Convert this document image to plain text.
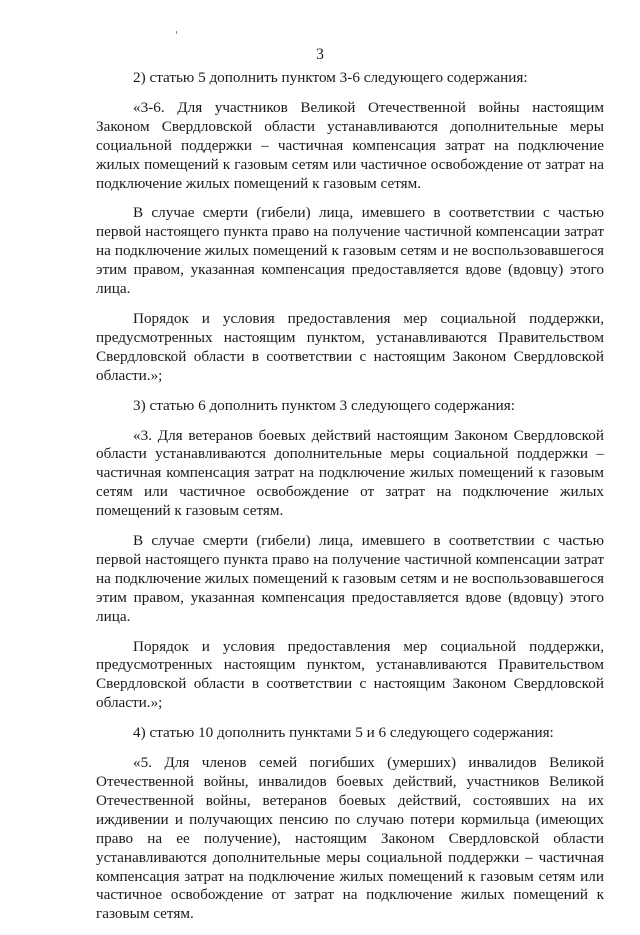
3

2) статью 5 дополнить пунктом 3-6 следующего содержания:

«3-6. Для участников Великой Отечественной войны настоящим Законом Свердловской области устанавливаются дополнительные меры социальной поддержки – частичная компенсация затрат на подключение жилых помещений к газовым сетям или частичное освобождение от затрат на подключение жилых помещений к газовым сетям.

В случае смерти (гибели) лица, имевшего в соответствии с частью первой настоящего пункта право на получение частичной компенсации затрат на подключение жилых помещений к газовым сетям и не воспользовавшегося этим правом, указанная компенсация предоставляется вдове (вдовцу) этого лица.

Порядок и условия предоставления мер социальной поддержки, предусмотренных настоящим пунктом, устанавливаются Правительством Свердловской области в соответствии с настоящим Законом Свердловской области.»;

3) статью 6 дополнить пунктом 3 следующего содержания:

«3. Для ветеранов боевых действий настоящим Законом Свердловской области устанавливаются дополнительные меры социальной поддержки – частичная компенсация затрат на подключение жилых помещений к газовым сетям или частичное освобождение от затрат на подключение жилых помещений к газовым сетям.

В случае смерти (гибели) лица, имевшего в соответствии с частью первой настоящего пункта право на получение частичной компенсации затрат на подключение жилых помещений к газовым сетям и не воспользовавшегося этим правом, указанная компенсация предоставляется вдове (вдовцу) этого лица.

Порядок и условия предоставления мер социальной поддержки, предусмотренных настоящим пунктом, устанавливаются Правительством Свердловской области в соответствии с настоящим Законом Свердловской области.»;

4) статью 10 дополнить пунктами 5 и 6 следующего содержания:

«5. Для членов семей погибших (умерших) инвалидов Великой Отечественной войны, инвалидов боевых действий, участников Великой Отечественной войны, ветеранов боевых действий, состоявших на их иждивении и получающих пенсию по случаю потери кормильца (имеющих право на ее получение), настоящим Законом Свердловской области устанавливаются дополнительные меры социальной поддержки – частичная компенсация затрат на подключение жилых помещений к газовым сетям или частичное освобождение от затрат на подключение жилых помещений к газовым сетям.
